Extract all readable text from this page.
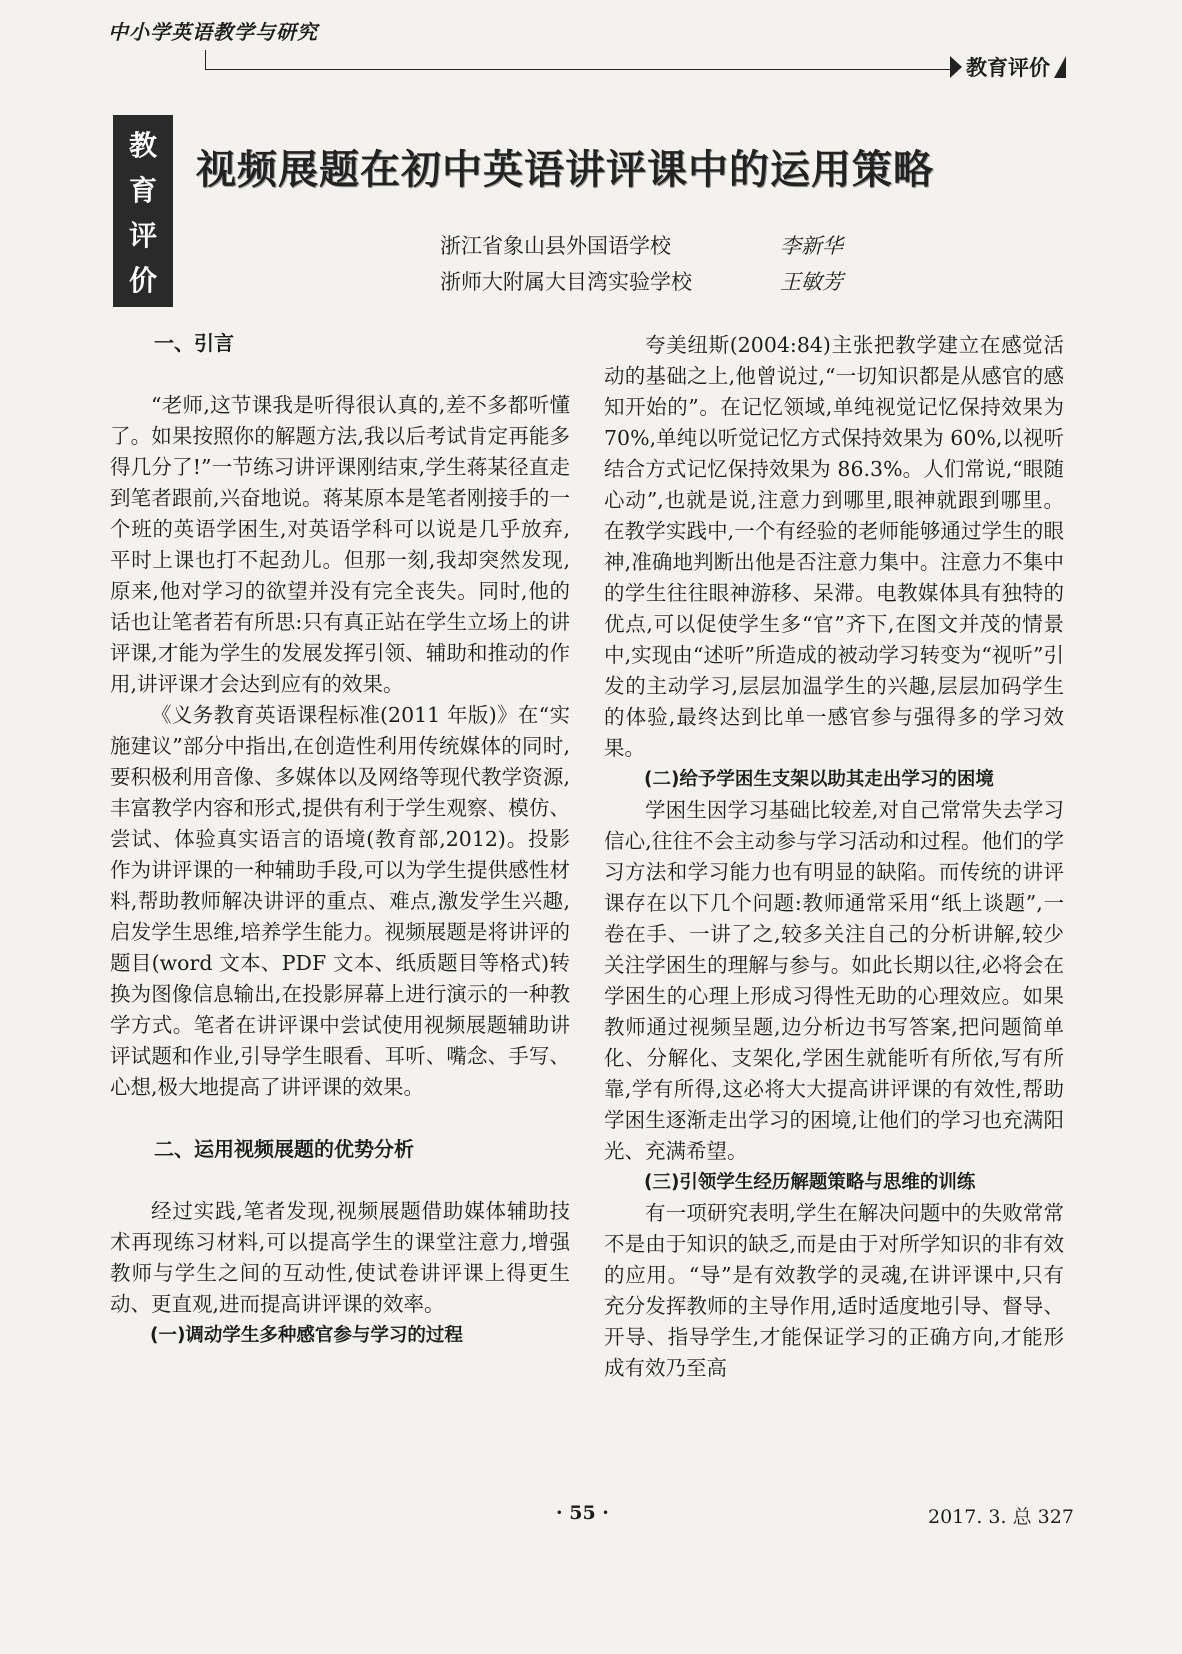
中小学英语教学与研究
教育评价
教
育
评
价
视频展题在初中英语讲评课中的运用策略
浙江省象山县外国语学校	李新华
浙师大附属大目湾实验学校	王敏芳
一、引言

“老师,这节课我是听得很认真的,差不多都听懂了。如果按照你的解题方法,我以后考试肯定再能多得几分了!”一节练习讲评课刚结束,学生蒋某径直走到笔者跟前,兴奋地说。蒋某原本是笔者刚接手的一个班的英语学困生,对英语学科可以说是几乎放弃,平时上课也打不起劲儿。但那一刻,我却突然发现,原来,他对学习的欲望并没有完全丧失。同时,他的话也让笔者若有所思:只有真正站在学生立场上的讲评课,才能为学生的发展发挥引领、辅助和推动的作用,讲评课才会达到应有的效果。

《义务教育英语课程标准(2011 年版)》在“实施建议”部分中指出,在创造性利用传统媒体的同时,要积极利用音像、多媒体以及网络等现代教学资源,丰富教学内容和形式,提供有利于学生观察、模仿、尝试、体验真实语言的语境(教育部,2012)。投影作为讲评课的一种辅助手段,可以为学生提供感性材料,帮助教师解决讲评的重点、难点,激发学生兴趣,启发学生思维,培养学生能力。视频展题是将讲评的题目(word 文本、PDF 文本、纸质题目等格式)转换为图像信息输出,在投影屏幕上进行演示的一种教学方式。笔者在讲评课中尝试使用视频展题辅助讲评试题和作业,引导学生眼看、耳听、嘴念、手写、心想,极大地提高了讲评课的效果。

二、运用视频展题的优势分析

经过实践,笔者发现,视频展题借助媒体辅助技术再现练习材料,可以提高学生的课堂注意力,增强教师与学生之间的互动性,使试卷讲评课上得更生动、更直观,进而提高讲评课的效率。

(一)调动学生多种感官参与学习的过程

夸美纽斯(2004:84)主张把教学建立在感觉活动的基础之上,他曾说过,“一切知识都是从感官的感知开始的”。在记忆领域,单纯视觉记忆保持效果为 70%,单纯以听觉记忆方式保持效果为 60%,以视听结合方式记忆保持效果为 86.3%。人们常说,“眼随心动”,也就是说,注意力到哪里,眼神就跟到哪里。在教学实践中,一个有经验的老师能够通过学生的眼神,准确地判断出他是否注意力集中。注意力不集中的学生往往眼神游移、呆滞。电教媒体具有独特的优点,可以促使学生多“官”齐下,在图文并茂的情景中,实现由“述听”所造成的被动学习转变为“视听”引发的主动学习,层层加温学生的兴趣,层层加码学生的体验,最终达到比单一感官参与强得多的学习效果。

(二)给予学困生支架以助其走出学习的困境

学困生因学习基础比较差,对自己常常失去学习信心,往往不会主动参与学习活动和过程。他们的学习方法和学习能力也有明显的缺陷。而传统的讲评课存在以下几个问题:教师通常采用“纸上谈题”,一卷在手、一讲了之,较多关注自己的分析讲解,较少关注学困生的理解与参与。如此长期以往,必将会在学困生的心理上形成习得性无助的心理效应。如果教师通过视频呈题,边分析边书写答案,把问题简单化、分解化、支架化,学困生就能听有所依,写有所靠,学有所得,这必将大大提高讲评课的有效性,帮助学困生逐渐走出学习的困境,让他们的学习也充满阳光、充满希望。

(三)引领学生经历解题策略与思维的训练

有一项研究表明,学生在解决问题中的失败常常不是由于知识的缺乏,而是由于对所学知识的非有效的应用。“导”是有效教学的灵魂,在讲评课中,只有充分发挥教师的主导作用,适时适度地引导、督导、开导、指导学生,才能保证学习的正确方向,才能形成有效乃至高

· 55 ·	2017. 3. 总 327
